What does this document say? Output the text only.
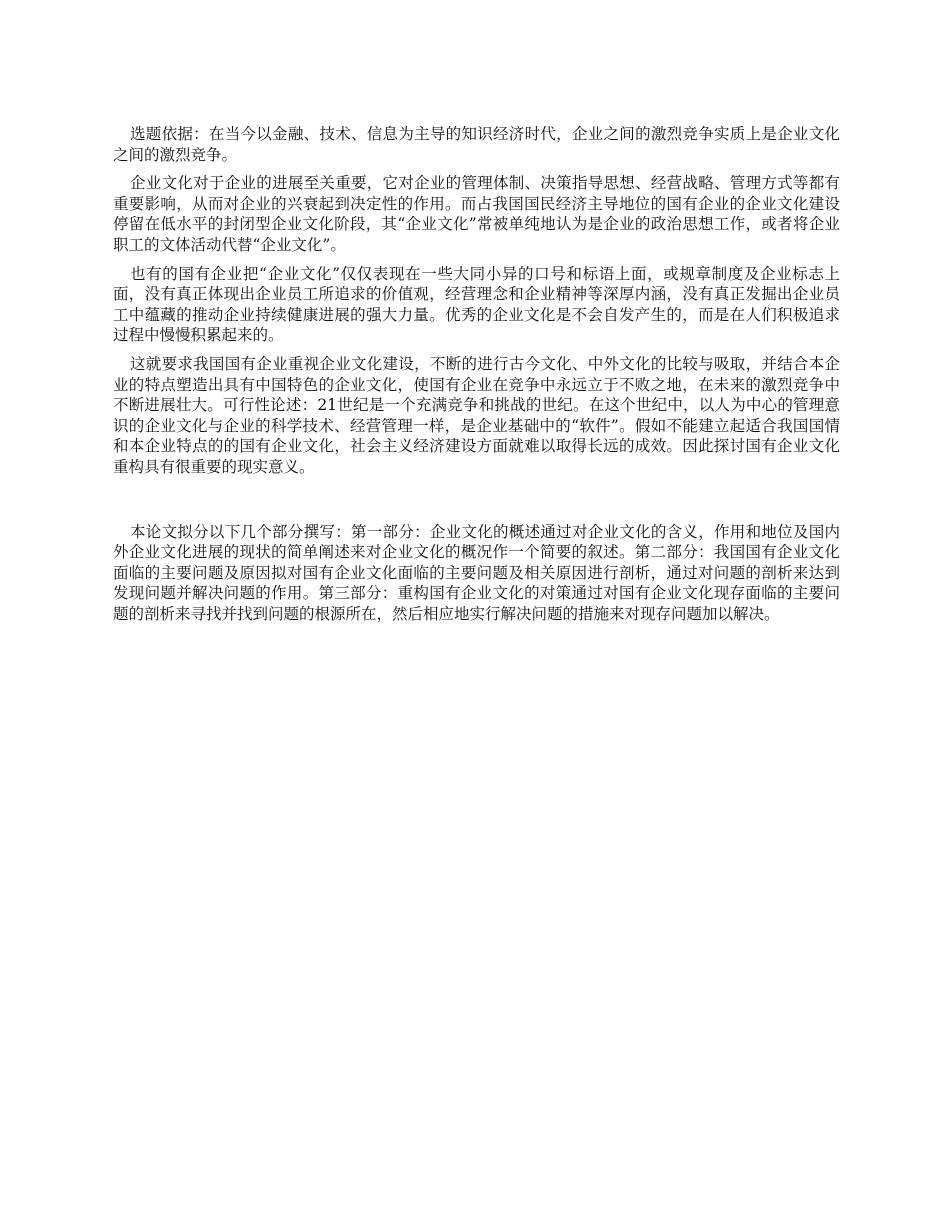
选题依据：在当今以金融、技术、信息为主导的知识经济时代，企业之间的激烈竞争实质上是企业文化之间的激烈竞争。

企业文化对于企业的进展至关重要，它对企业的管理体制、决策指导思想、经营战略、管理方式等都有重要影响，从而对企业的兴衰起到决定性的作用。而占我国国民经济主导地位的国有企业的企业文化建设停留在低水平的封闭型企业文化阶段，其“企业文化”常被单纯地认为是企业的政治思想工作，或者将企业职工的文体活动代替“企业文化”。

也有的国有企业把“企业文化”仅仅表现在一些大同小异的口号和标语上面，或规章制度及企业标志上面，没有真正体现出企业员工所追求的价值观，经营理念和企业精神等深厚内涵，没有真正发掘出企业员工中蕴藏的推动企业持续健康进展的强大力量。优秀的企业文化是不会自发产生的，而是在人们积极追求过程中慢慢积累起来的。

这就要求我国国有企业重视企业文化建设，不断的进行古今文化、中外文化的比较与吸取，并结合本企业的特点塑造出具有中国特色的企业文化，使国有企业在竞争中永远立于不败之地，在未来的激烈竞争中不断进展壮大。可行性论述：21世纪是一个充满竞争和挑战的世纪。在这个世纪中，以人为中心的管理意识的企业文化与企业的科学技术、经营管理一样，是企业基础中的“软件”。假如不能建立起适合我国国情和本企业特点的的国有企业文化，社会主义经济建设方面就难以取得长远的成效。因此探讨国有企业文化重构具有很重要的现实意义。

本论文拟分以下几个部分撰写：第一部分：企业文化的概述通过对企业文化的含义，作用和地位及国内外企业文化进展的现状的简单阐述来对企业文化的概况作一个简要的叙述。第二部分：我国国有企业文化面临的主要问题及原因拟对国有企业文化面临的主要问题及相关原因进行剖析，通过对问题的剖析来达到发现问题并解决问题的作用。第三部分：重构国有企业文化的对策通过对国有企业文化现存面临的主要问题的剖析来寻找并找到问题的根源所在，然后相应地实行解决问题的措施来对现存问题加以解决。
